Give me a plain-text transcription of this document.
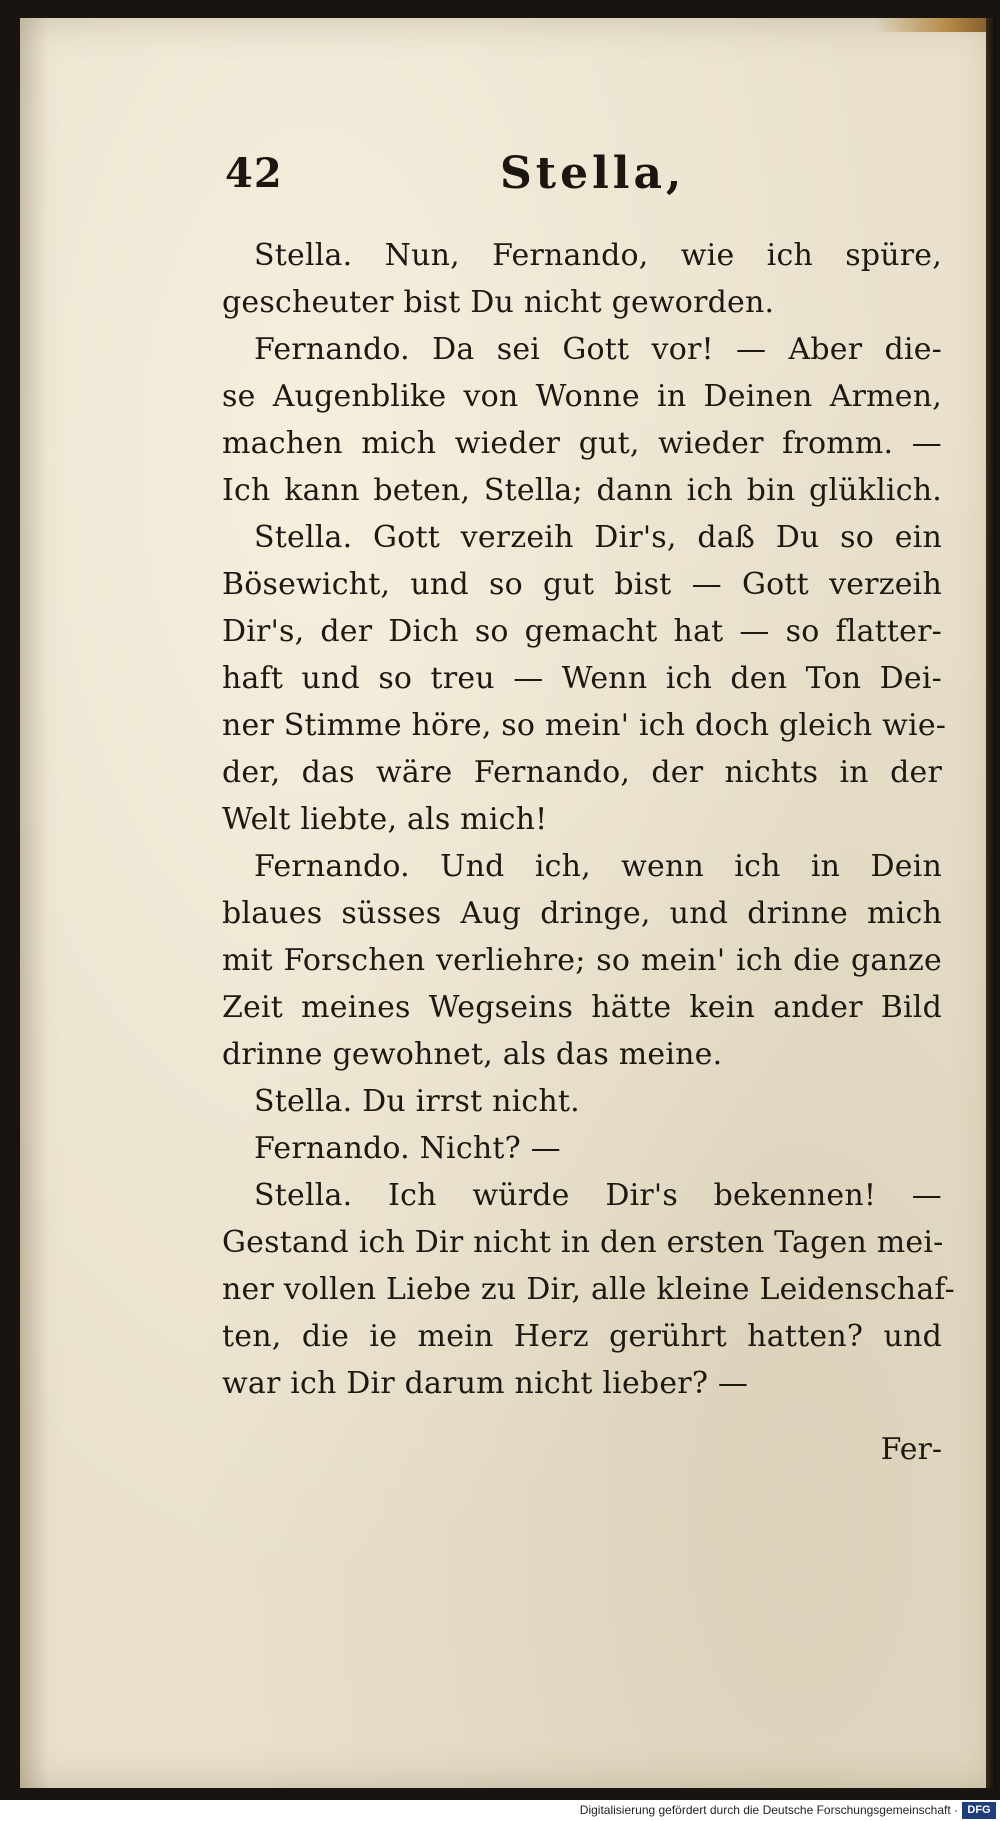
42	Stella,
Stella. Nun, Fernando, wie ich spüre,
gescheuter bist Du nicht geworden.
Fernando. Da sei Gott vor! — Aber die-
se Augenblike von Wonne in Deinen Armen,
machen mich wieder gut, wieder fromm. —
Ich kann beten, Stella; dann ich bin glüklich.
Stella. Gott verzeih Dir's, daß Du so ein
Bösewicht, und so gut bist — Gott verzeih
Dir's, der Dich so gemacht hat — so flatter-
haft und so treu — Wenn ich den Ton Dei-
ner Stimme höre, so mein' ich doch gleich wie-
der, das wäre Fernando, der nichts in der
Welt liebte, als mich!
Fernando. Und ich, wenn ich in Dein
blaues süsses Aug dringe, und drinne mich
mit Forschen verliehre; so mein' ich die ganze
Zeit meines Wegseins hätte kein ander Bild
drinne gewohnet, als das meine.
Stella. Du irrst nicht.
Fernando. Nicht? —
Stella. Ich würde Dir's bekennen! —
Gestand ich Dir nicht in den ersten Tagen mei-
ner vollen Liebe zu Dir, alle kleine Leidenschaf-
ten, die ie mein Herz gerührt hatten? und
war ich Dir darum nicht lieber? —
Fer-
Digitalisierung gefördert durch die Deutsche Forschungsgemeinschaft · DFG
